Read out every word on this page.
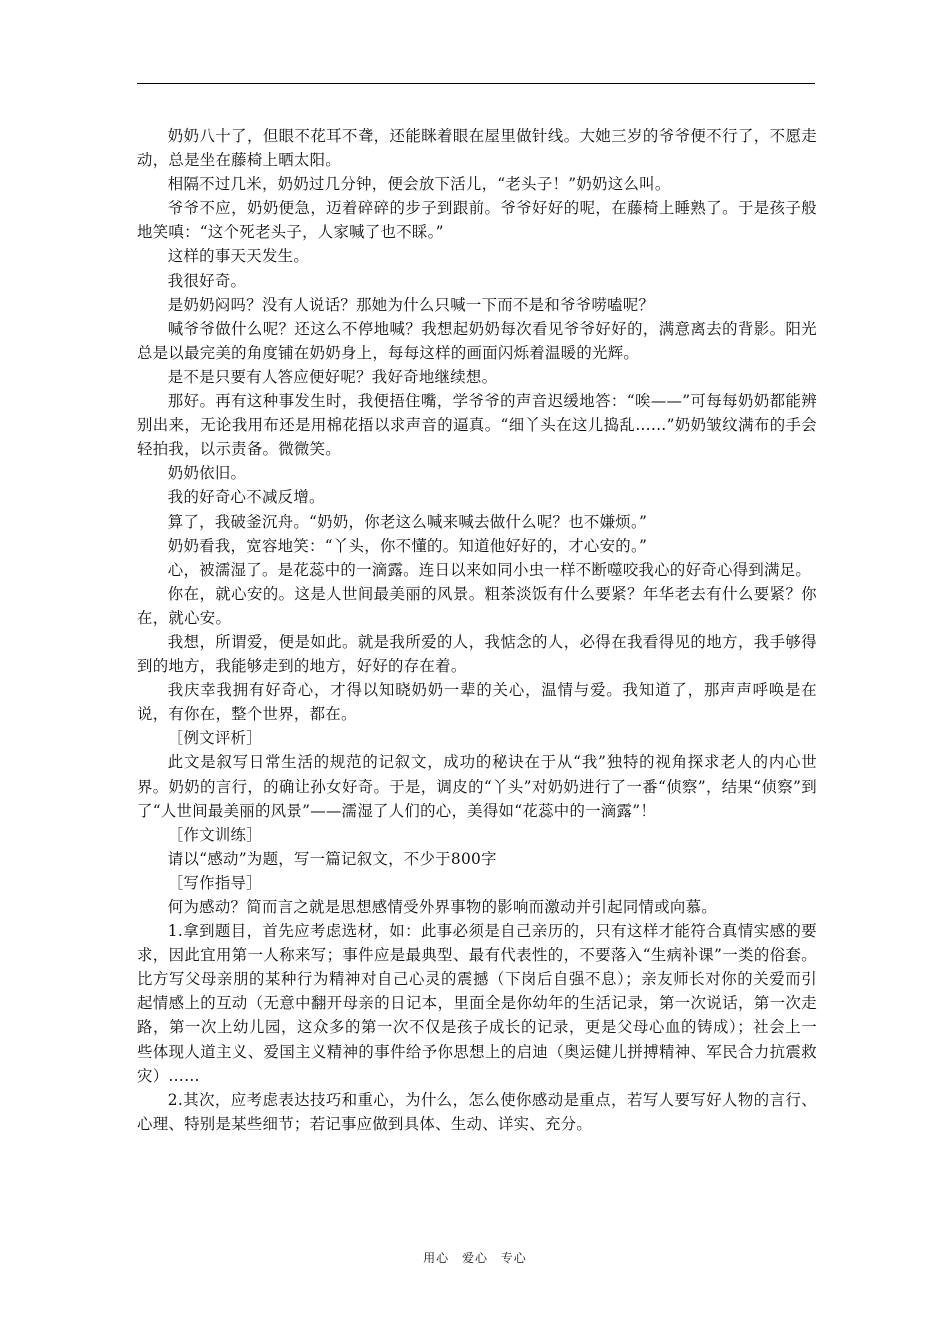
奶奶八十了，但眼不花耳不聋，还能眯着眼在屋里做针线。大她三岁的爷爷便不行了，不愿走动，总是坐在藤椅上晒太阳。

相隔不过几米，奶奶过几分钟，便会放下活儿，“老头子！”奶奶这么叫。

爷爷不应，奶奶便急，迈着碎碎的步子到跟前。爷爷好好的呢，在藤椅上睡熟了。于是孩子般地笑嗔：“这个死老头子，人家喊了也不睬。”

这样的事天天发生。

我很好奇。

是奶奶闷吗？没有人说话？那她为什么只喊一下而不是和爷爷唠嗑呢？

喊爷爷做什么呢？还这么不停地喊？我想起奶奶每次看见爷爷好好的，满意离去的背影。阳光总是以最完美的角度铺在奶奶身上，每每这样的画面闪烁着温暖的光辉。

是不是只要有人答应便好呢？我好奇地继续想。

那好。再有这种事发生时，我便捂住嘴，学爷爷的声音迟缓地答：“唉——”可每每奶奶都能辨别出来，无论我用布还是用棉花捂以求声音的逼真。“细丫头在这儿捣乱……”奶奶皱纹满布的手会轻拍我，以示责备。微微笑。

奶奶依旧。

我的好奇心不减反增。

算了，我破釜沉舟。“奶奶，你老这么喊来喊去做什么呢？也不嫌烦。”

奶奶看我，宽容地笑：“丫头，你不懂的。知道他好好的，才心安的。”

心，被濡湿了。是花蕊中的一滴露。连日以来如同小虫一样不断噬咬我心的好奇心得到满足。

你在，就心安的。这是人世间最美丽的风景。粗茶淡饭有什么要紧？年华老去有什么要紧？你在，就心安。

我想，所谓爱，便是如此。就是我所爱的人，我惦念的人，必得在我看得见的地方，我手够得到的地方，我能够走到的地方，好好的存在着。

我庆幸我拥有好奇心，才得以知晓奶奶一辈的关心，温情与爱。我知道了，那声声呼唤是在说，有你在，整个世界，都在。

［例文评析］

此文是叙写日常生活的规范的记叙文，成功的秘诀在于从“我”独特的视角探求老人的内心世界。奶奶的言行，的确让孙女好奇。于是，调皮的“丫头”对奶奶进行了一番“侦察”，结果“侦察”到了“人世间最美丽的风景”——濡湿了人们的心，美得如“花蕊中的一滴露”！

［作文训练］

请以“感动”为题，写一篇记叙文，不少于800字

［写作指导］

何为感动？简而言之就是思想感情受外界事物的影响而激动并引起同情或向慕。

1.拿到题目，首先应考虑选材，如：此事必须是自己亲历的，只有这样才能符合真情实感的要求，因此宜用第一人称来写；事件应是最典型、最有代表性的，不要落入“生病补课”一类的俗套。比方写父母亲朋的某种行为精神对自己心灵的震撼（下岗后自强不息）；亲友师长对你的关爱而引起情感上的互动（无意中翻开母亲的日记本，里面全是你幼年的生活记录，第一次说话，第一次走路，第一次上幼儿园，这众多的第一次不仅是孩子成长的记录，更是父母心血的铸成）；社会上一些体现人道主义、爱国主义精神的事件给予你思想上的启迪（奥运健儿拼搏精神、军民合力抗震救灾）……

2.其次，应考虑表达技巧和重心，为什么，怎么使你感动是重点，若写人要写好人物的言行、心理、特别是某些细节；若记事应做到具体、生动、详实、充分。

用心 爱心 专心
